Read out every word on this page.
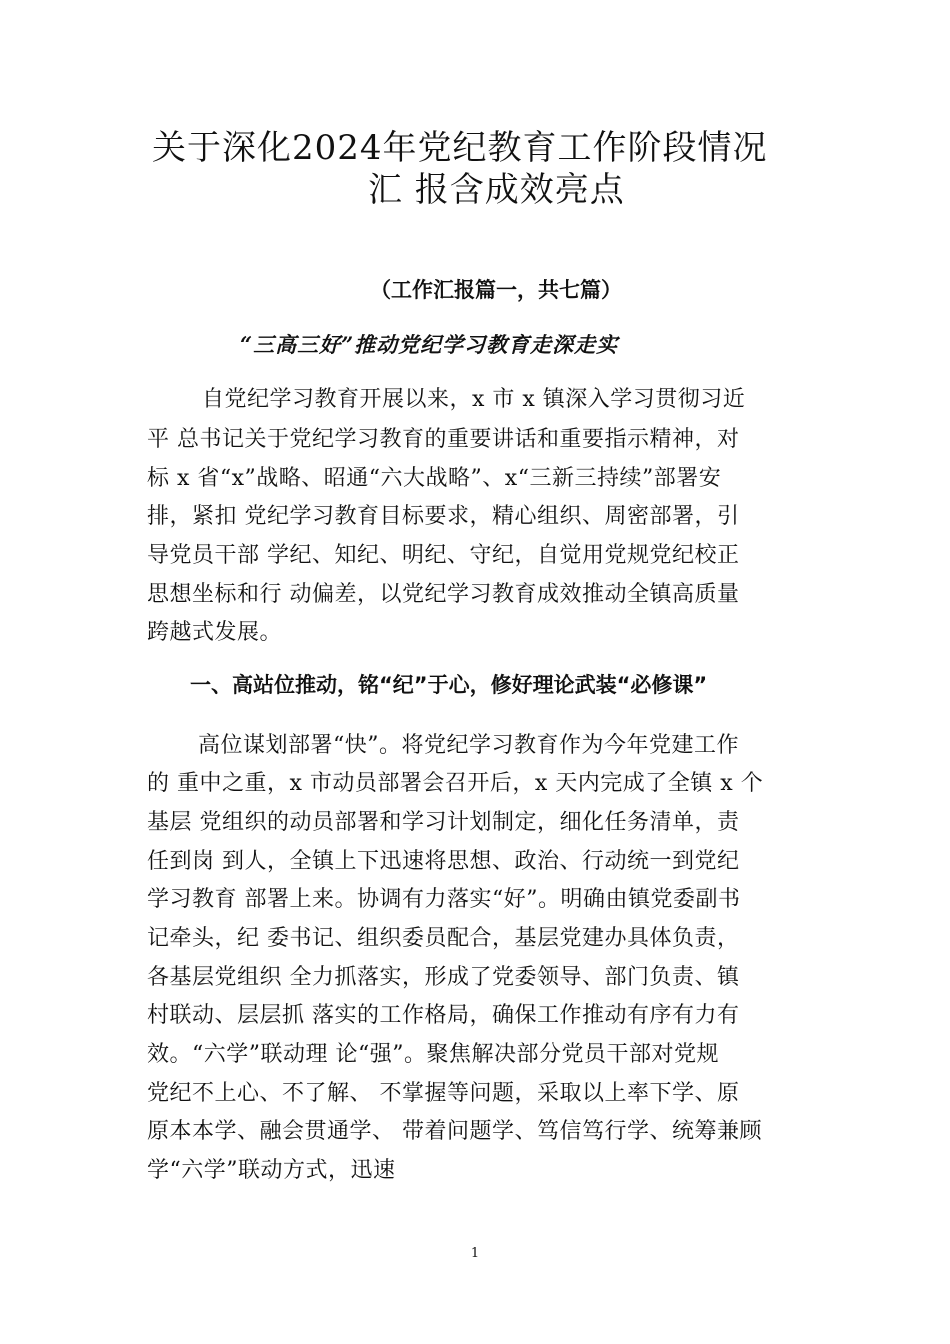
关于深化2024年党纪教育工作阶段情况
汇 报含成效亮点
（工作汇报篇一，共七篇）
“三高三好”推动党纪学习教育走深走实
自党纪学习教育开展以来，x 市 x 镇深入学习贯彻习近
平 总书记关于党纪学习教育的重要讲话和重要指示精神，对
标 x 省“x”战略、昭通“六大战略”、x“三新三持续”部署安
排，紧扣 党纪学习教育目标要求，精心组织、周密部署，引
导党员干部 学纪、知纪、明纪、守纪，自觉用党规党纪校正
思想坐标和行 动偏差，以党纪学习教育成效推动全镇高质量
跨越式发展。
一、高站位推动，铭“纪”于心，修好理论武装“必修课”
高位谋划部署“快”。将党纪学习教育作为今年党建工作
的 重中之重，x 市动员部署会召开后，x 天内完成了全镇 x 个
基层 党组织的动员部署和学习计划制定，细化任务清单，责
任到岗 到人，全镇上下迅速将思想、政治、行动统一到党纪
学习教育 部署上来。协调有力落实“好”。明确由镇党委副书
记牵头，纪 委书记、组织委员配合，基层党建办具体负责，
各基层党组织 全力抓落实，形成了党委领导、部门负责、镇
村联动、层层抓 落实的工作格局，确保工作推动有序有力有
效。“六学”联动理 论“强”。聚焦解决部分党员干部对党规
党纪不上心、不了解、 不掌握等问题，采取以上率下学、原
原本本学、融会贯通学、 带着问题学、笃信笃行学、统筹兼顾
学“六学”联动方式，迅速
1
